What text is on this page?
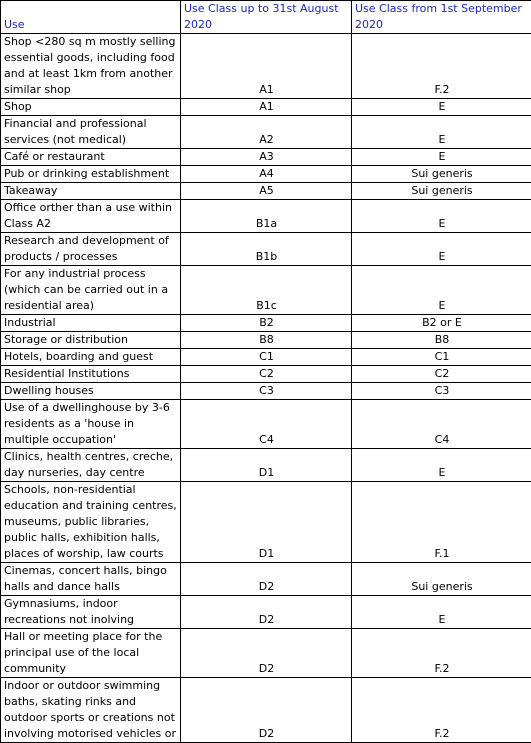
Use	Use Class up to 31st August 2020	Use Class from 1st September 2020
Shop <280 sq m mostly selling essential goods, including food and at least 1km from another similar shop	A1	F.2
Shop	A1	E
Financial and professional services (not medical)	A2	E
Café or restaurant	A3	E
Pub or drinking establishment	A4	Sui generis
Takeaway	A5	Sui generis
Office orther than a use within Class A2	B1a	E
Research and development of products / processes	B1b	E
For any industrial process (which can be carried out in a residential area)	B1c	E
Industrial	B2	B2 or E
Storage or distribution	B8	B8
Hotels, boarding and guest	C1	C1
Residential Institutions	C2	C2
Dwelling houses	C3	C3
Use of a dwellinghouse by 3-6 residents as a 'house in multiple occupation'	C4	C4
Clinics, health centres, creche, day nurseries, day centre	D1	E
Schools, non-residential education and training centres, museums, public libraries, public halls, exhibition halls, places of worship, law courts	D1	F.1
Cinemas, concert halls, bingo halls and dance halls	D2	Sui generis
Gymnasiums, indoor recreations not inolving	D2	E
Hall or meeting place for the principal use of the local community	D2	F.2
Indoor or outdoor swimming baths, skating rinks and outdoor sports or creations not involving motorised vehicles or	D2	F.2
